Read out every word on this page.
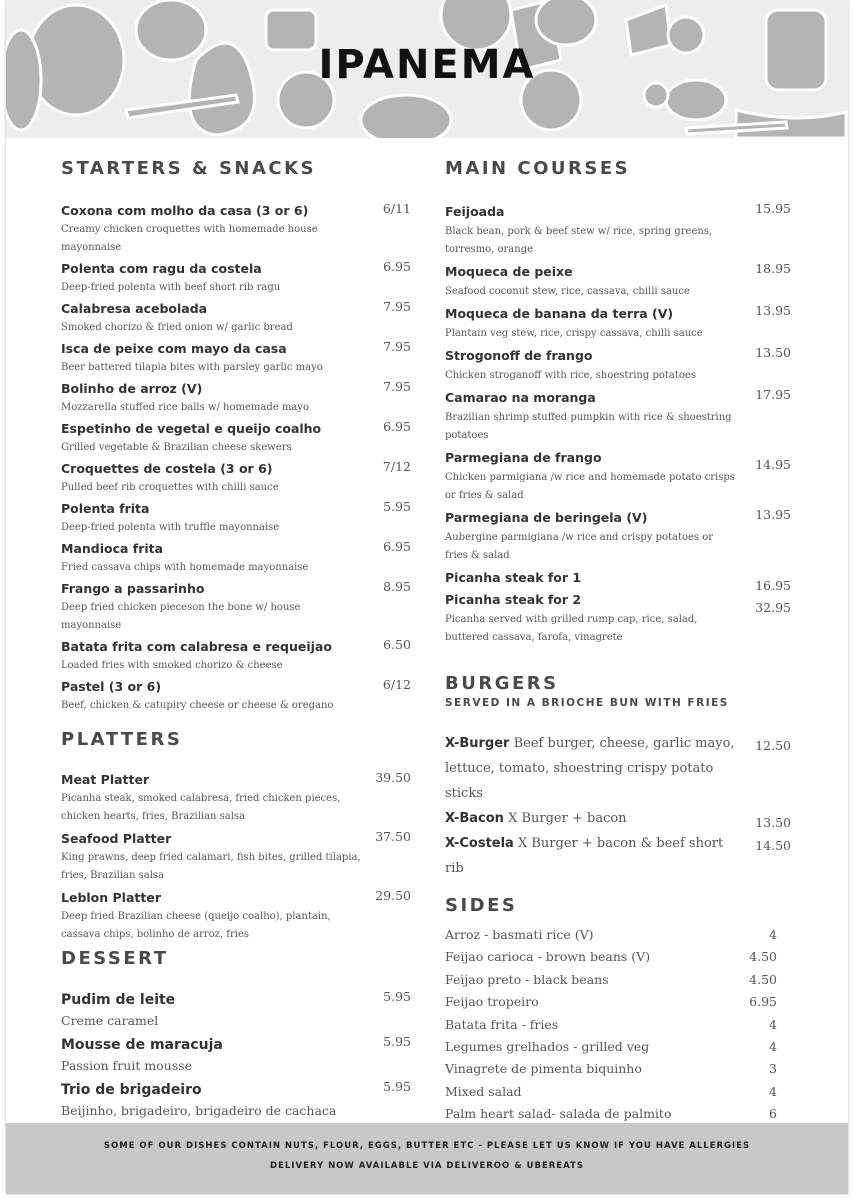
IPANEMA
STARTERS & SNACKS
Coxona com molho da casa (3 or 6)
Creamy chicken croquettes with homemade house mayonnaise
6/11
Polenta com ragu da costela
Deep-fried polenta with beef short rib ragu
6.95
Calabresa acebolada
Smoked chorizo & fried onion w/ garlic bread
7.95
Isca de peixe com mayo da casa
Beer battered tilapia bites with parsley garlic mayo
7.95
Bolinho de arroz (V)
Mozzarella stuffed rice balls w/ homemade mayo
7.95
Espetinho de vegetal e queijo coalho
Grilled vegetable & Brazilian cheese skewers
6.95
Croquettes de costela (3 or 6)
Pulled beef rib croquettes with chilli sauce
7/12
Polenta frita
Deep-fried polenta with truffle mayonnaise
5.95
Mandioca frita
Fried cassava chips with homemade mayonnaise
6.95
Frango a passarinho
Deep fried chicken pieceson the bone w/ house mayonnaise
8.95
Batata frita com calabresa e requeijao
Loaded fries with smoked chorizo & cheese
6.50
Pastel (3 or 6)
Beef, chicken & catupiry cheese or cheese & oregano
6/12
PLATTERS
Meat Platter
Picanha steak, smoked calabresa, fried chicken pieces, chicken hearts, fries, Brazilian salsa
39.50
Seafood Platter
King prawns, deep fried calamari, fish bites, grilled tilapia, fries, Brazilian salsa
37.50
Leblon Platter
Deep fried Brazilian cheese (queijo coalho), plantain, cassava chips, bolinho de arroz, fries
29.50
DESSERT
Pudim de leite
Creme caramel
5.95
Mousse de maracuja
Passion fruit mousse
5.95
Trio de brigadeiro
Beijinho, brigadeiro, brigadeiro de cachaca
5.95
MAIN COURSES
Feijoada
Black bean, pork & beef stew w/ rice, spring greens, torresmo, orange
15.95
Moqueca de peixe
Seafood coconut stew, rice, cassava, chilli sauce
18.95
Moqueca de banana da terra (V)
Plantain veg stew, rice, crispy cassava, chilli sauce
13.95
Strogonoff de frango
Chicken stroganoff with rice, shoestring potatoes
13.50
Camarao na moranga
Brazilian shrimp stuffed pumpkin with rice & shoestring potatoes
17.95
Parmegiana de frango
Chicken parmigiana /w rice and homemade potato crisps or fries & salad
14.95
Parmegiana de beringela (V)
Aubergine parmigiana /w rice and crispy potatoes or fries & salad
13.95
Picanha steak for 1
Picanha steak for 2
Picanha served with grilled rump cap, rice, salad, buttered cassava, farofa, vinagrete
16.95
32.95
BURGERS
SERVED IN A BRIOCHE BUN WITH FRIES
X-Burger Beef burger, cheese, garlic mayo, lettuce, tomato, shoestring crispy potato sticks
12.50
X-Bacon X Burger + bacon	13.50
X-Costela X Burger + bacon & beef short rib
14.50
SIDES
Arroz - basmati rice (V)	4
Feijao carioca - brown beans (V)	4.50
Feijao preto - black beans	4.50
Feijao tropeiro	6.95
Batata frita - fries	4
Legumes grelhados - grilled veg	4
Vinagrete de pimenta biquinho	3
Mixed salad	4
Palm heart salad- salada de palmito	6
SOME OF OUR DISHES CONTAIN NUTS, FLOUR, EGGS, BUTTER ETC - PLEASE LET US KNOW IF YOU HAVE ALLERGIES
DELIVERY NOW AVAILABLE VIA DELIVEROO & UBEREATS
